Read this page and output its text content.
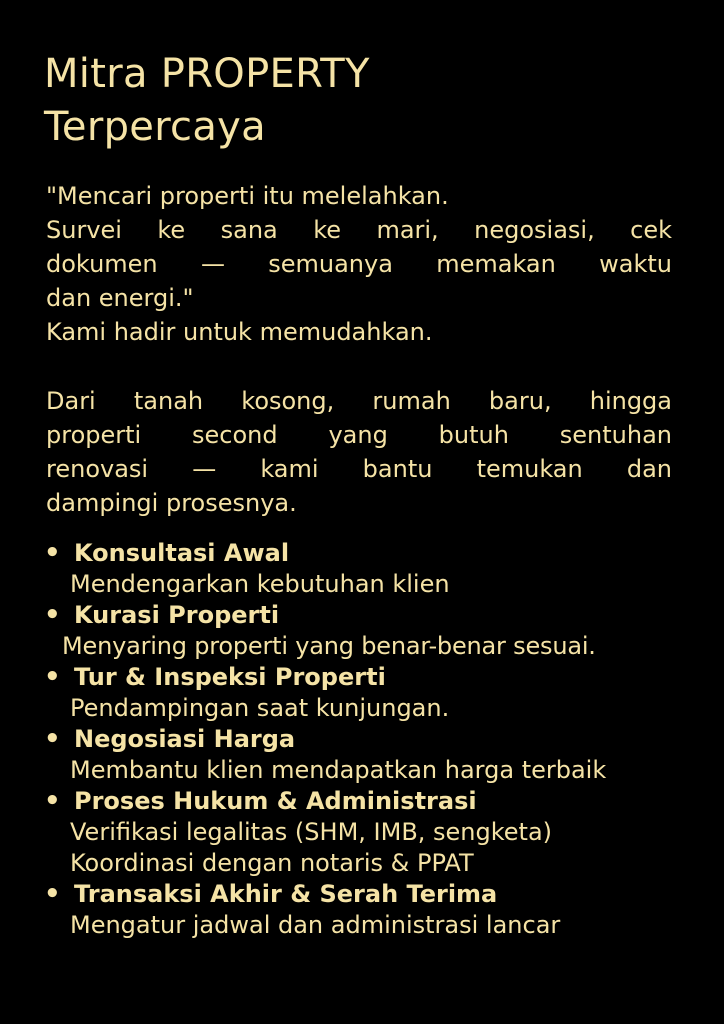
Mitra PROPERTY
Terpercaya

"Mencari properti itu melelahkan.
Survei ke sana ke mari, negosiasi, cek
dokumen — semuanya memakan waktu
dan energi."
Kami hadir untuk memudahkan.

Dari tanah kosong, rumah baru, hingga
properti second yang butuh sentuhan
renovasi — kami bantu temukan dan
dampingi prosesnya.

• Konsultasi Awal
Mendengarkan kebutuhan klien
• Kurasi Properti
Menyaring properti yang benar-benar sesuai.
• Tur & Inspeksi Properti
Pendampingan saat kunjungan.
• Negosiasi Harga
Membantu klien mendapatkan harga terbaik
• Proses Hukum & Administrasi
Verifikasi legalitas (SHM, IMB, sengketa)
Koordinasi dengan notaris & PPAT
• Transaksi Akhir & Serah Terima
Mengatur jadwal dan administrasi lancar
